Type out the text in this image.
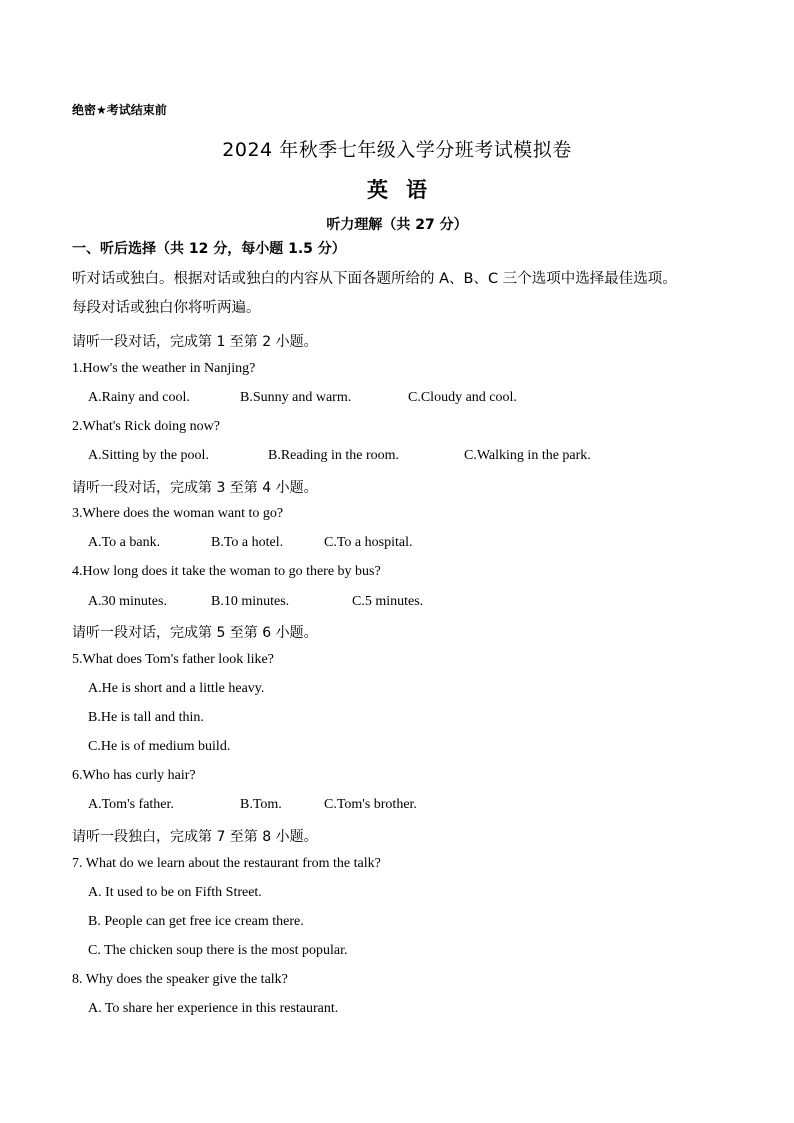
绝密★考试结束前
2024 年秋季七年级入学分班考试模拟卷
英语
听力理解（共 27 分）
一、听后选择（共 12 分，每小题 1.5 分）
听对话或独白。根据对话或独白的内容从下面各题所给的 A、B、C 三个选项中选择最佳选项。
每段对话或独白你将听两遍。
请听一段对话，完成第 1 至第 2 小题。
1.How's the weather in Nanjing?
A.Rainy and cool.	B.Sunny and warm.	C.Cloudy and cool.
2.What's Rick doing now?
A.Sitting by the pool.	B.Reading in the room.	C.Walking in the park.
请听一段对话，完成第 3 至第 4 小题。
3.Where does the woman want to go?
A.To a bank.	B.To a hotel.	C.To a hospital.
4.How long does it take the woman to go there by bus?
A.30 minutes.	B.10 minutes.	C.5 minutes.
请听一段对话，完成第 5 至第 6 小题。
5.What does Tom's father look like?
A.He is short and a little heavy.
B.He is tall and thin.
C.He is of medium build.
6.Who has curly hair?
A.Tom's father.	B.Tom.	C.Tom's brother.
请听一段独白，完成第 7 至第 8 小题。
7. What do we learn about the restaurant from the talk?
A. It used to be on Fifth Street.
B. People can get free ice cream there.
C. The chicken soup there is the most popular.
8. Why does the speaker give the talk?
A. To share her experience in this restaurant.
